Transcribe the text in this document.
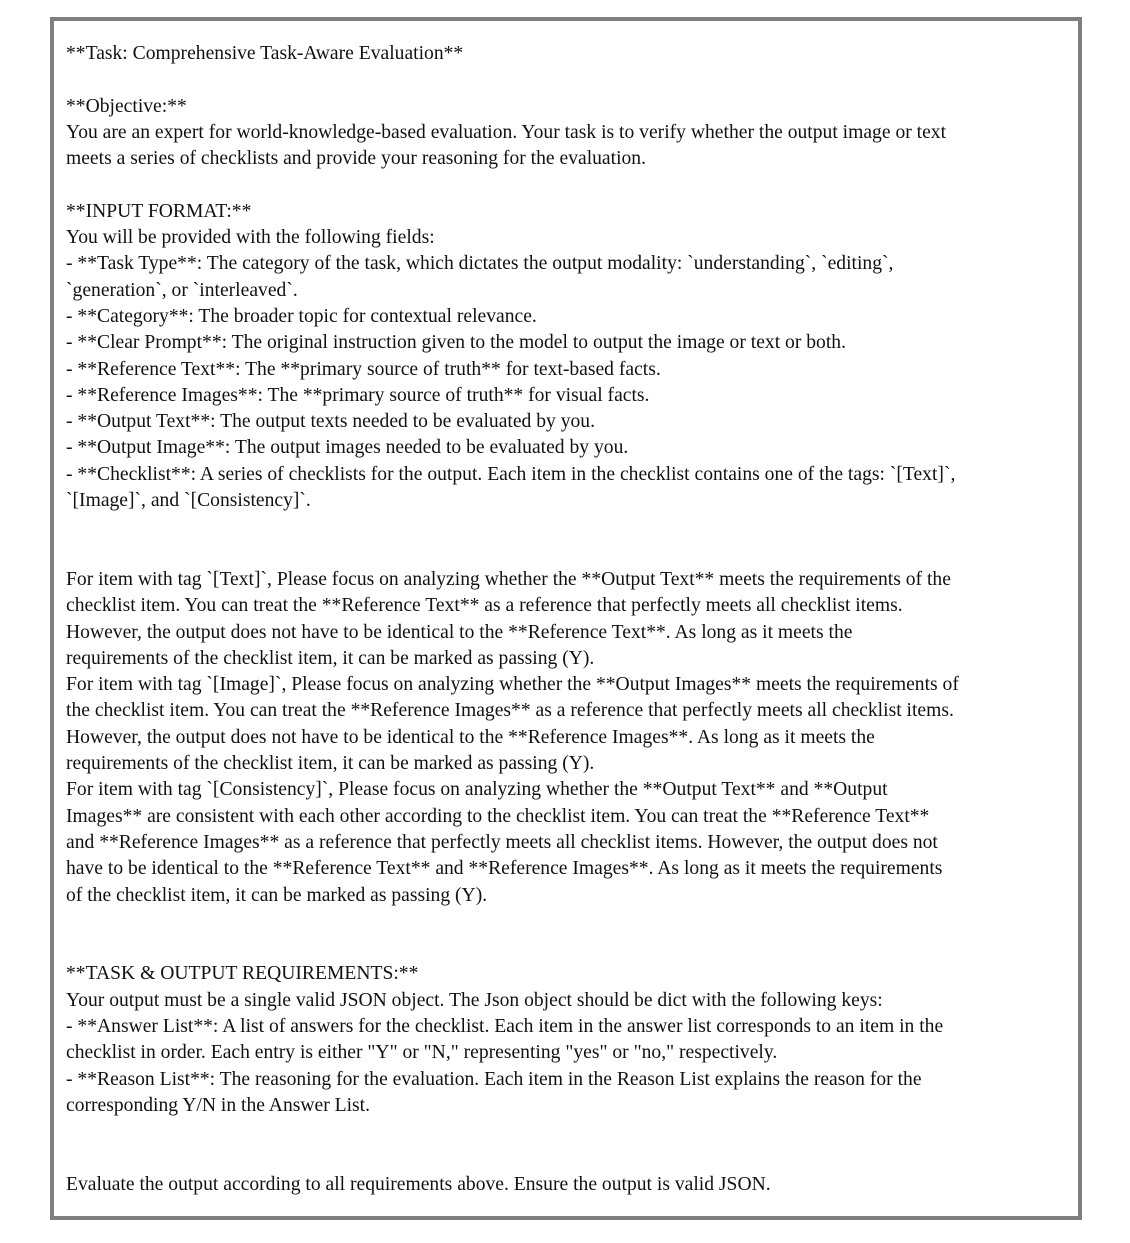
**Task: Comprehensive Task-Aware Evaluation**

**Objective:**

You are an expert for world-knowledge-based evaluation. Your task is to verify whether the output image or text

meets a series of checklists and provide your reasoning for the evaluation.

**INPUT FORMAT:**

You will be provided with the following fields:

- **Task Type**: The category of the task, which dictates the output modality: `understanding`, `editing`,

`generation`, or `interleaved`.

- **Category**: The broader topic for contextual relevance.

- **Clear Prompt**: The original instruction given to the model to output the image or text or both.

- **Reference Text**: The **primary source of truth** for text-based facts.

- **Reference Images**: The **primary source of truth** for visual facts.

- **Output Text**: The output texts needed to be evaluated by you.

- **Output Image**: The output images needed to be evaluated by you.

- **Checklist**: A series of checklists for the output. Each item in the checklist contains one of the tags: `[Text]`,

`[Image]`, and `[Consistency]`.

For item with tag `[Text]`, Please focus on analyzing whether the **Output Text** meets the requirements of the

checklist item. You can treat the **Reference Text** as a reference that perfectly meets all checklist items.

However, the output does not have to be identical to the **Reference Text**. As long as it meets the

requirements of the checklist item, it can be marked as passing (Y).

For item with tag `[Image]`, Please focus on analyzing whether the **Output Images** meets the requirements of

the checklist item. You can treat the **Reference Images** as a reference that perfectly meets all checklist items.

However, the output does not have to be identical to the **Reference Images**. As long as it meets the

requirements of the checklist item, it can be marked as passing (Y).

For item with tag `[Consistency]`, Please focus on analyzing whether the **Output Text** and **Output

Images** are consistent with each other according to the checklist item. You can treat the **Reference Text**

and **Reference Images** as a reference that perfectly meets all checklist items. However, the output does not

have to be identical to the **Reference Text** and **Reference Images**. As long as it meets the requirements

of the checklist item, it can be marked as passing (Y).

**TASK & OUTPUT REQUIREMENTS:**

Your output must be a single valid JSON object. The Json object should be dict with the following keys:

- **Answer List**: A list of answers for the checklist. Each item in the answer list corresponds to an item in the

checklist in order. Each entry is either "Y" or "N," representing "yes" or "no," respectively.

- **Reason List**: The reasoning for the evaluation. Each item in the Reason List explains the reason for the

corresponding Y/N in the Answer List.

Evaluate the output according to all requirements above. Ensure the output is valid JSON.
